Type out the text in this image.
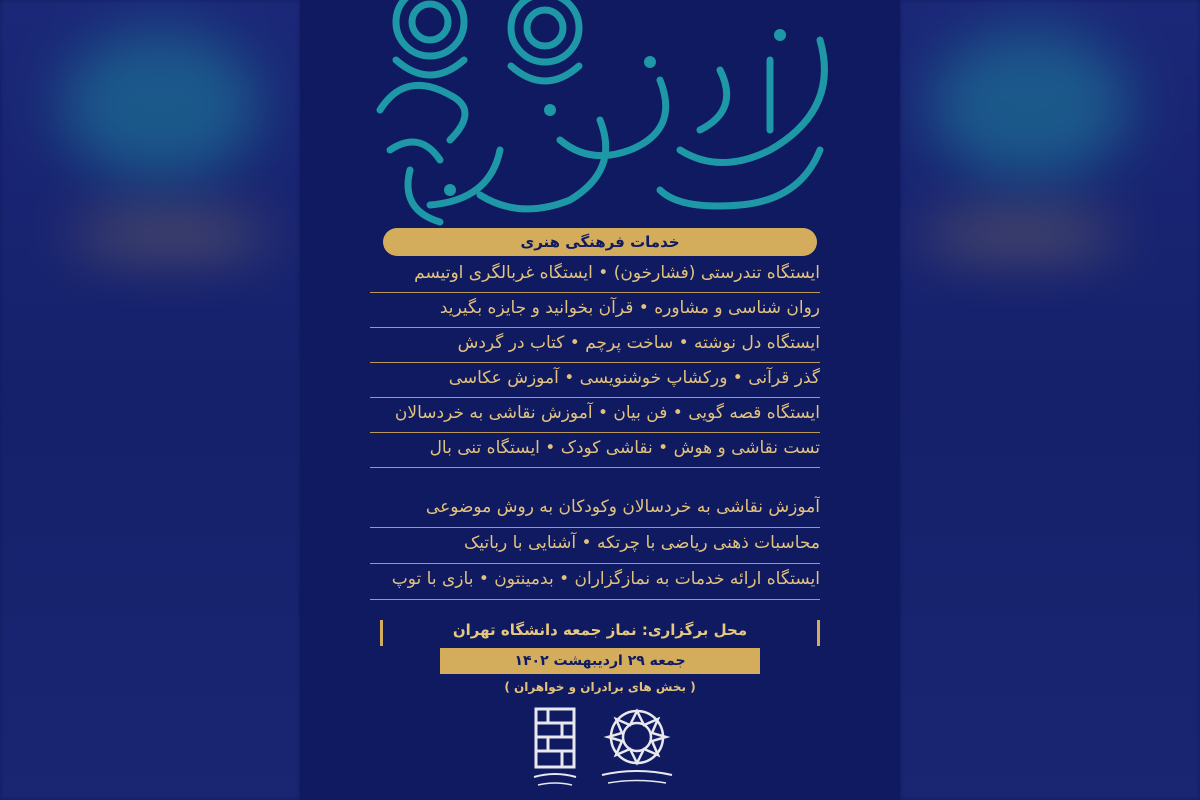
خدمات فرهنگی هنری
ایستگاه تندرستی (فشارخون) • ایستگاه غربالگری اوتیسم
روان شناسی و مشاوره • قرآن بخوانید و جایزه بگیرید
ایستگاه دل نوشته • ساخت پرچم • کتاب در گردش
گذر قرآنی • ورکشاپ خوشنویسی • آموزش عکاسی
ایستگاه قصه گویی • فن بیان • آموزش نقاشی به خردسالان
تست نقاشی و هوش • نقاشی کودک • ایستگاه تنی بال
آموزش نقاشی به خردسالان وکودکان به روش موضوعی
محاسبات ذهنی ریاضی با چرتکه • آشنایی با رباتیک
ایستگاه ارائه خدمات به نمازگزاران • بدمینتون • بازی با توپ
محل برگزاری: نماز جمعه دانشگاه تهران
جمعه ۲۹ اردیبهشت ۱۴۰۲
( بخش های برادران و خواهران )
